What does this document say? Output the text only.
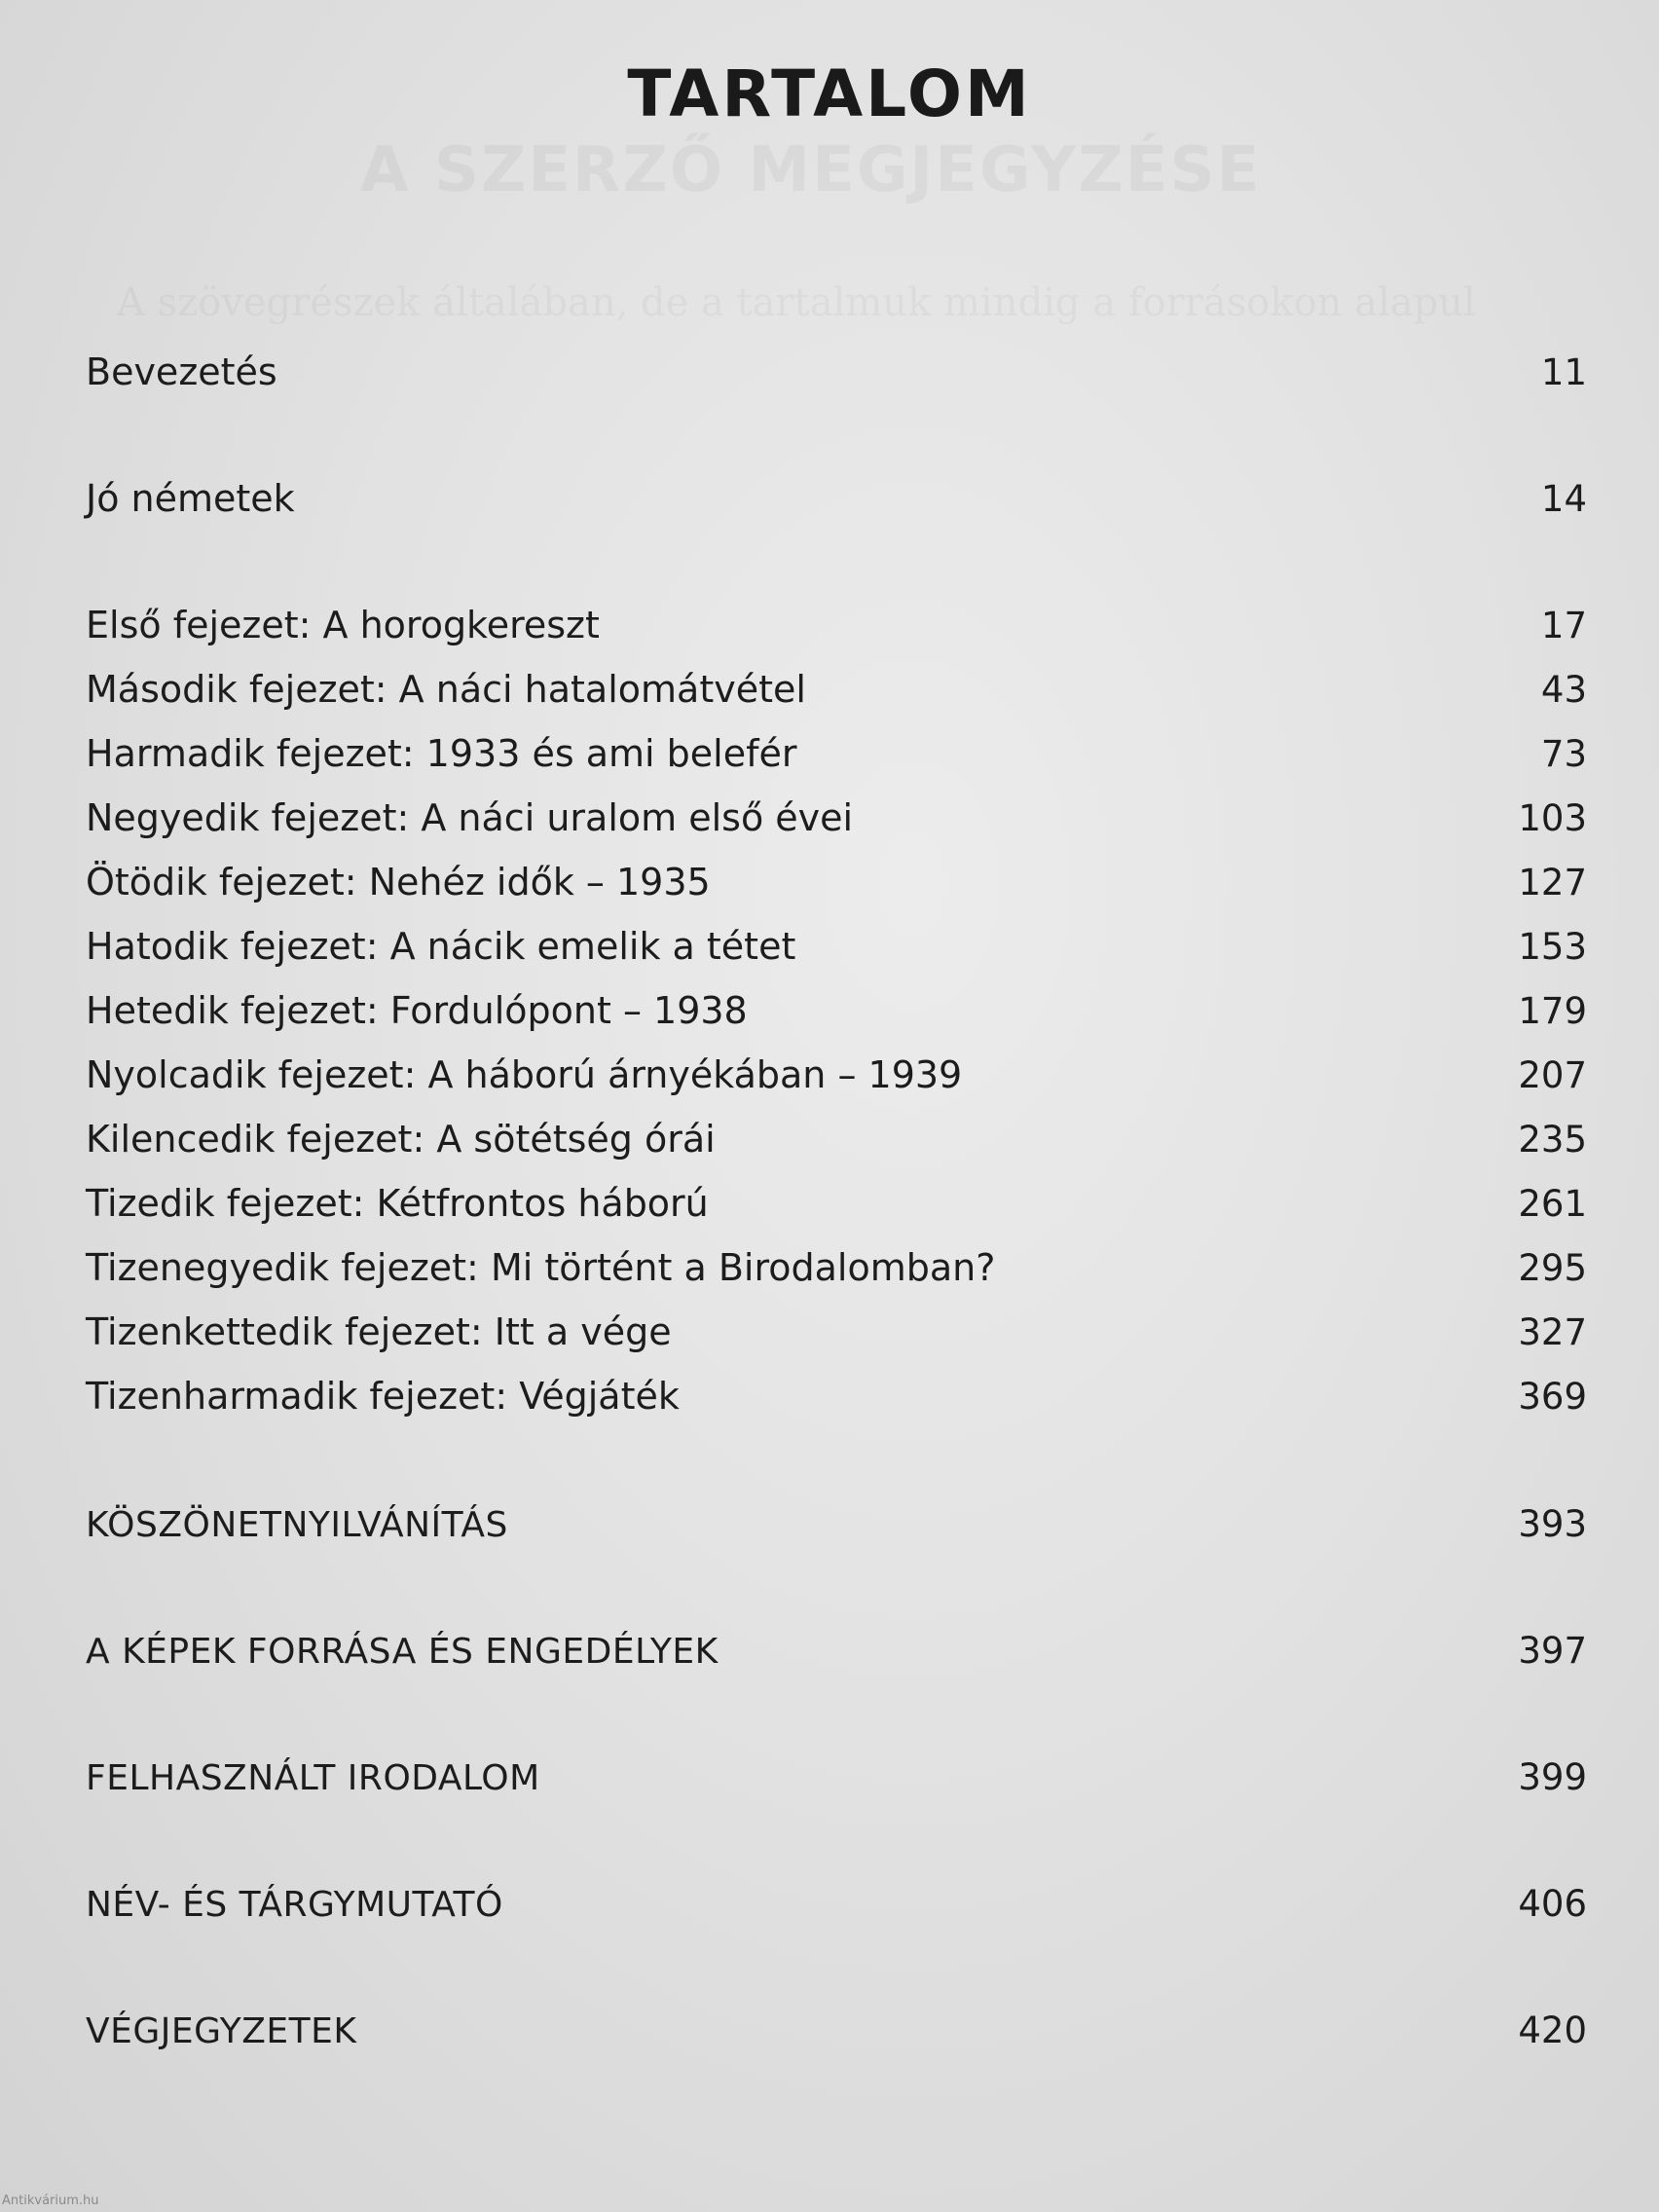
TARTALOM
Bevezetés	11
Jó németek	14
Első fejezet: A horogkereszt	17
Második fejezet: A náci hatalomátvétel	43
Harmadik fejezet: 1933 és ami belefér	73
Negyedik fejezet: A náci uralom első évei	103
Ötödik fejezet: Nehéz idők – 1935	127
Hatodik fejezet: A nácik emelik a tétet	153
Hetedik fejezet: Fordulópont – 1938	179
Nyolcadik fejezet: A háború árnyékában – 1939	207
Kilencedik fejezet: A sötétség órái	235
Tizedik fejezet: Kétfrontos háború	261
Tizenegyedik fejezet: Mi történt a Birodalomban?	295
Tizenkettedik fejezet: Itt a vége	327
Tizenharmadik fejezet: Végjáték	369
KÖSZÖNETNYILVÁNÍTÁS	393
A KÉPEK FORRÁSA ÉS ENGEDÉLYEK	397
FELHASZNÁLT IRODALOM	399
NÉV- ÉS TÁRGYMUTATÓ	406
VÉGJEGYZETEK	420
Antikvárium.hu
